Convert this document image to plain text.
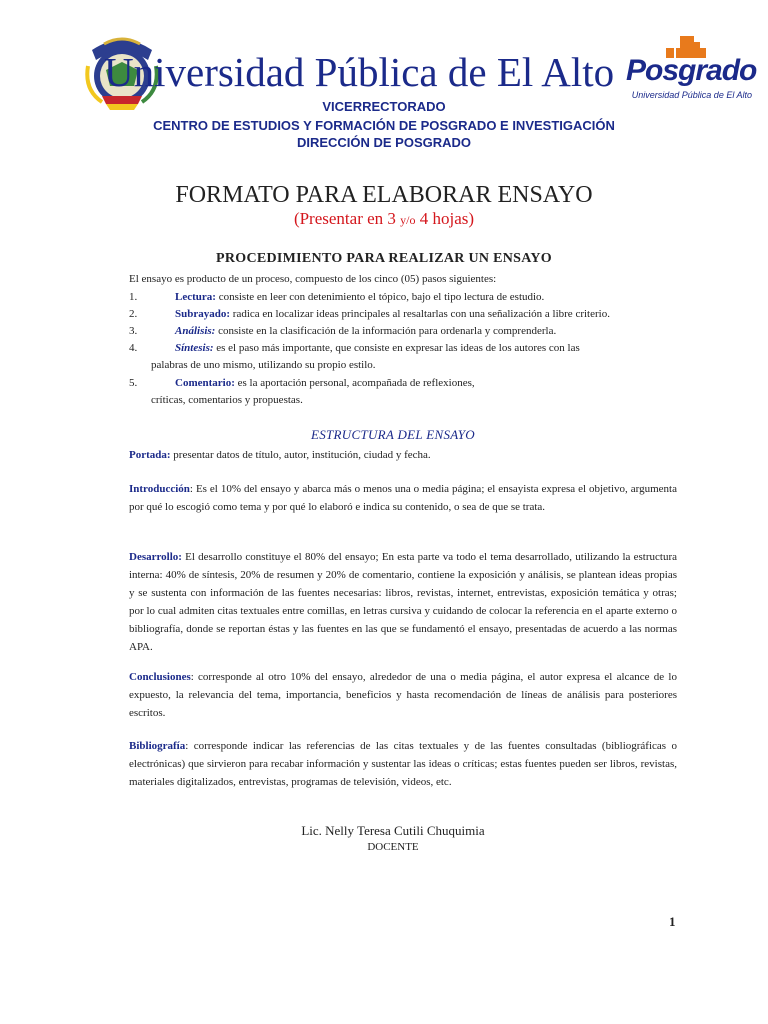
Universidad Pública de El Alto Posgrado
Universidad Pública de El Alto
VICERRECTORADO
CENTRO DE ESTUDIOS Y FORMACIÓN DE POSGRADO E INVESTIGACIÓN
DIRECCIÓN DE POSGRADO
FORMATO PARA ELABORAR ENSAYO
(Presentar en 3 y/o 4 hojas)
PROCEDIMIENTO PARA REALIZAR UN ENSAYO
El ensayo es producto de un proceso, compuesto de los cinco (05) pasos siguientes:
1.	Lectura: consiste en leer con detenimiento el tópico, bajo el tipo lectura de estudio.
2.	Subrayado: radica en localizar ideas principales al resaltarlas con una señalización a libre criterio.
3.	Análisis: consiste en la clasificación de la información para ordenarla y comprenderla.
4.	Síntesis: es el paso más importante, que consiste en expresar las ideas de los autores con las
palabras de uno mismo, utilizando su propio estilo.
5.	Comentario: es la aportación personal, acompañada de reflexiones,
críticas, comentarios y propuestas.
ESTRUCTURA DEL ENSAYO
Portada: presentar datos de título, autor, institución, ciudad y fecha.
Introducción: Es el 10% del ensayo y abarca más o menos una o media página; el ensayista expresa el objetivo, argumenta por qué lo escogió como tema y por qué lo elaboró e indica su contenido, o sea de que se trata.
Desarrollo: El desarrollo constituye el 80% del ensayo; En esta parte va todo el tema desarrollado, utilizando la estructura interna: 40% de síntesis, 20% de resumen y 20% de comentario, contiene la exposición y análisis, se plantean ideas propias y se sustenta con información de las fuentes necesarias: libros, revistas, internet, entrevistas, exposición temática y otras; por lo cual admiten citas textuales entre comillas, en letras cursiva y cuidando de colocar la referencia en el aparte externo o bibliografía, donde se reportan éstas y las fuentes en las que se fundamentó el ensayo, presentadas de acuerdo a las normas APA.
Conclusiones: corresponde al otro 10% del ensayo, alrededor de una o media página, el autor expresa el alcance de lo expuesto, la relevancia del tema, importancia, beneficios y hasta recomendación de líneas de análisis para posteriores escritos.
Bibliografía: corresponde indicar las referencias de las citas textuales y de las fuentes consultadas (bibliográficas o electrónicas) que sirvieron para recabar información y sustentar las ideas o críticas; estas fuentes pueden ser libros, revistas, materiales digitalizados, entrevistas, programas de televisión, videos, etc.
Lic. Nelly Teresa Cutili Chuquimia
DOCENTE
1
